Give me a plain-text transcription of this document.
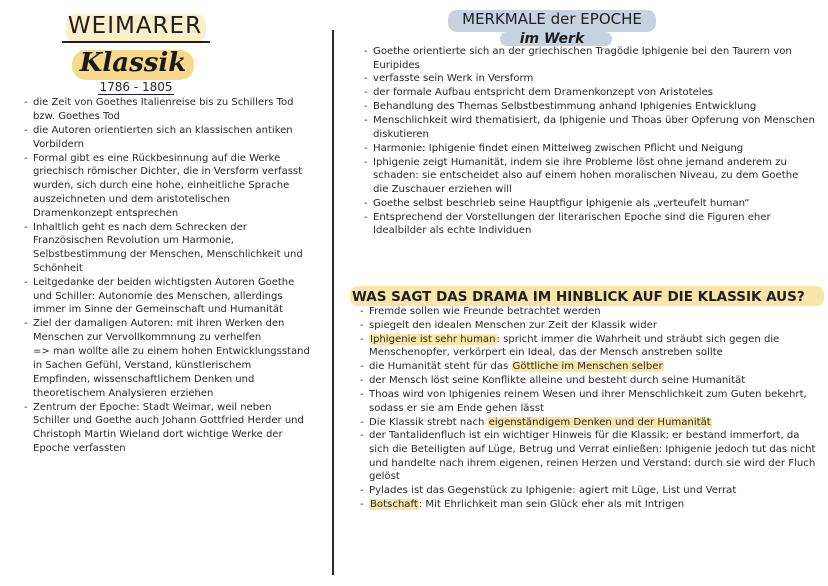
WEIMARER
Klassik
1786 - 1805
- die Zeit von Goethes Italienreise bis zu Schillers Tod bzw. Goethes Tod
- die Autoren orientierten sich an klassischen antiken Vorbildern
- Formal gibt es eine Rückbesinnung auf die Werke griechisch römischer Dichter, die in Versform verfasst wurden, sich durch eine hohe, einheitliche Sprache auszeichneten und dem aristotelischen Dramenkonzept entsprechen
- Inhaltlich geht es nach dem Schrecken der Französischen Revolution um Harmonie, Selbstbestimmung der Menschen, Menschlichkeit und Schönheit
- Leitgedanke der beiden wichtigsten Autoren Goethe und Schiller: Autonomie des Menschen, allerdings immer im Sinne der Gemeinschaft und Humanität
- Ziel der damaligen Autoren: mit ihren Werken den Menschen zur Vervollkommnung zu verhelfen
=> man wollte alle zu einem hohen Entwicklungsstand in Sachen Gefühl, Verstand, künstlerischem Empfinden, wissenschaftlichem Denken und theoretischem Analysieren erziehen
- Zentrum der Epoche: Stadt Weimar, weil neben Schiller und Goethe auch Johann Gottfried Herder und Christoph Martin Wieland dort wichtige Werke der Epoche verfassten
MERKMALE der EPOCHE
im Werk
- Goethe orientierte sich an der griechischen Tragödie Iphigenie bei den Taurern von Euripides
- verfasste sein Werk in Versform
- der formale Aufbau entspricht dem Dramenkonzept von Aristoteles
- Behandlung des Themas Selbstbestimmung anhand Iphigenies Entwicklung
- Menschlichkeit wird thematisiert, da Iphigenie und Thoas über Opferung von Menschen diskutieren
- Harmonie: Iphigenie findet einen Mittelweg zwischen Pflicht und Neigung
- Iphigenie zeigt Humanität, indem sie ihre Probleme löst ohne jemand anderem zu schaden: sie entscheidet also auf einem hohen moralischen Niveau, zu dem Goethe die Zuschauer erziehen will
- Goethe selbst beschrieb seine Hauptfigur Iphigenie als „verteufelt human“
- Entsprechend der Vorstellungen der literarischen Epoche sind die Figuren eher Idealbilder als echte Individuen
WAS SAGT DAS DRAMA IM HINBLICK AUF DIE KLASSIK AUS?
- Fremde sollen wie Freunde betrachtet werden
- spiegelt den idealen Menschen zur Zeit der Klassik wider
- Iphigenie ist sehr human: spricht immer die Wahrheit und sträubt sich gegen die Menschenopfer, verkörpert ein Ideal, das der Mensch anstreben sollte
- die Humanität steht für das Göttliche im Menschen selber
- der Mensch löst seine Konflikte alleine und besteht durch seine Humanität
- Thoas wird von Iphigenies reinem Wesen und ihrer Menschlichkeit zum Guten bekehrt, sodass er sie am Ende gehen lässt
- Die Klassik strebt nach eigenständigem Denken und der Humanität
- der Tantalidenfluch ist ein wichtiger Hinweis für die Klassik; er bestand immerfort, da sich die Beteiligten auf Lüge, Betrug und Verrat einließen: Iphigenie jedoch tut das nicht und handelte nach ihrem eigenen, reinen Herzen und Verstand: durch sie wird der Fluch gelöst
- Pylades ist das Gegenstück zu Iphigenie: agiert mit Lüge, List und Verrat
- Botschaft: Mit Ehrlichkeit man sein Glück eher als mit Intrigen
